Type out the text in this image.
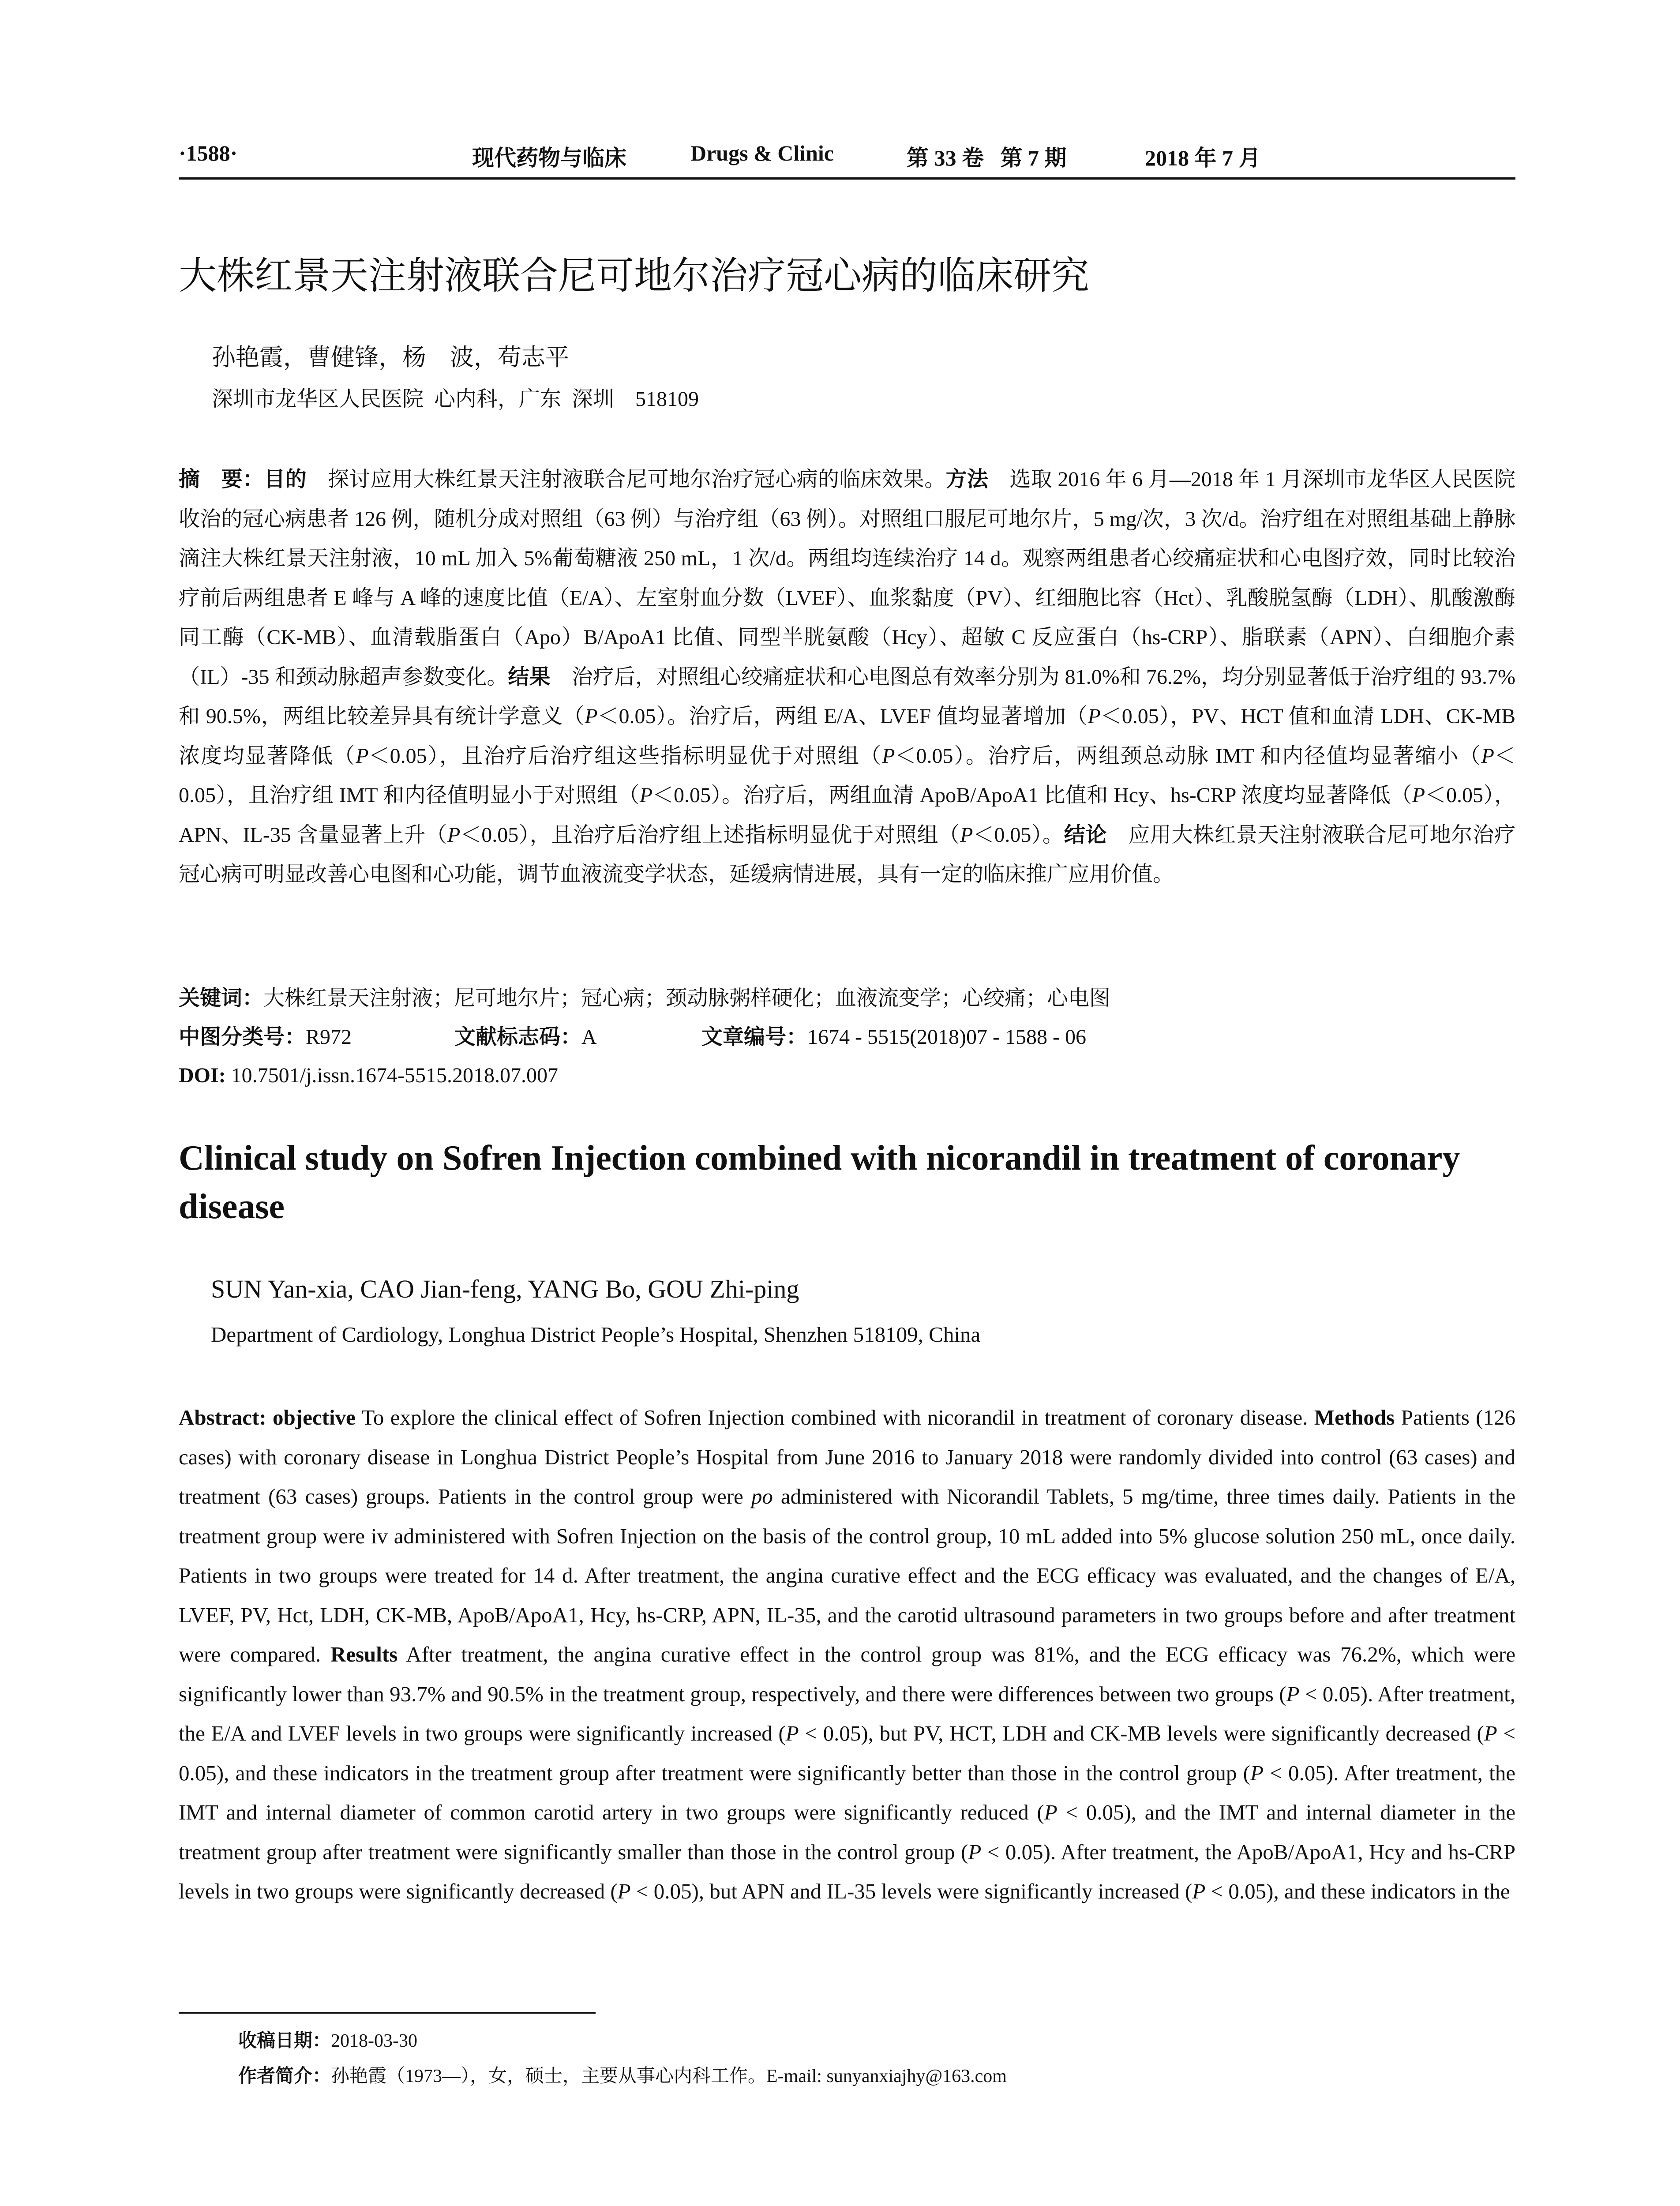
·1588·	现代药物与临床	Drugs & Clinic	第 33 卷   第 7 期	2018 年 7 月
大株红景天注射液联合尼可地尔治疗冠心病的临床研究
孙艳霞，曹健锋，杨　波，苟志平
深圳市龙华区人民医院  心内科，广东  深圳    518109
摘　要：目的　探讨应用大株红景天注射液联合尼可地尔治疗冠心病的临床效果。方法　选取 2016 年 6 月—2018 年 1 月深圳市龙华区人民医院收治的冠心病患者 126 例，随机分成对照组（63 例）与治疗组（63 例）。对照组口服尼可地尔片，5 mg/次，3 次/d。治疗组在对照组基础上静脉滴注大株红景天注射液，10 mL 加入 5%葡萄糖液 250 mL，1 次/d。两组均连续治疗 14 d。观察两组患者心绞痛症状和心电图疗效，同时比较治疗前后两组患者 E 峰与 A 峰的速度比值（E/A）、左室射血分数（LVEF）、血浆黏度（PV）、红细胞比容（Hct）、乳酸脱氢酶（LDH）、肌酸激酶同工酶（CK-MB）、血清载脂蛋白（Apo）B/ApoA1 比值、同型半胱氨酸（Hcy）、超敏 C 反应蛋白（hs-CRP）、脂联素（APN）、白细胞介素（IL）-35 和颈动脉超声参数变化。结果　治疗后，对照组心绞痛症状和心电图总有效率分别为 81.0%和 76.2%，均分别显著低于治疗组的 93.7%和 90.5%，两组比较差异具有统计学意义（P＜0.05）。治疗后，两组 E/A、LVEF 值均显著增加（P＜0.05），PV、HCT 值和血清 LDH、CK-MB 浓度均显著降低（P＜0.05），且治疗后治疗组这些指标明显优于对照组（P＜0.05）。治疗后，两组颈总动脉 IMT 和内径值均显著缩小（P＜0.05），且治疗组 IMT 和内径值明显小于对照组（P＜0.05）。治疗后，两组血清 ApoB/ApoA1 比值和 Hcy、hs-CRP 浓度均显著降低（P＜0.05），APN、IL-35 含量显著上升（P＜0.05），且治疗后治疗组上述指标明显优于对照组（P＜0.05）。结论　应用大株红景天注射液联合尼可地尔治疗冠心病可明显改善心电图和心功能，调节血液流变学状态，延缓病情进展，具有一定的临床推广应用价值。
关键词：大株红景天注射液；尼可地尔片；冠心病；颈动脉粥样硬化；血液流变学；心绞痛；心电图
中图分类号：R972	文献标志码：A	文章编号：1674 - 5515(2018)07 - 1588 - 06
DOI: 10.7501/j.issn.1674-5515.2018.07.007
Clinical study on Sofren Injection combined with nicorandil in treatment of coronary disease
SUN Yan-xia, CAO Jian-feng, YANG Bo, GOU Zhi-ping
Department of Cardiology, Longhua District People’s Hospital, Shenzhen 518109, China
Abstract: objective To explore the clinical effect of Sofren Injection combined with nicorandil in treatment of coronary disease. Methods Patients (126 cases) with coronary disease in Longhua District People’s Hospital from June 2016 to January 2018 were randomly divided into control (63 cases) and treatment (63 cases) groups. Patients in the control group were po administered with Nicorandil Tablets, 5 mg/time, three times daily. Patients in the treatment group were iv administered with Sofren Injection on the basis of the control group, 10 mL added into 5% glucose solution 250 mL, once daily. Patients in two groups were treated for 14 d. After treatment, the angina curative effect and the ECG efficacy was evaluated, and the changes of E/A, LVEF, PV, Hct, LDH, CK-MB, ApoB/ApoA1, Hcy, hs-CRP, APN, IL-35, and the carotid ultrasound parameters in two groups before and after treatment were compared. Results After treatment, the angina curative effect in the control group was 81%, and the ECG efficacy was 76.2%, which were significantly lower than 93.7% and 90.5% in the treatment group, respectively, and there were differences between two groups (P < 0.05). After treatment, the E/A and LVEF levels in two groups were significantly increased (P < 0.05), but PV, HCT, LDH and CK-MB levels were significantly decreased (P < 0.05), and these indicators in the treatment group after treatment were significantly better than those in the control group (P < 0.05). After treatment, the IMT and internal diameter of common carotid artery in two groups were significantly reduced (P < 0.05), and the IMT and internal diameter in the treatment group after treatment were significantly smaller than those in the control group (P < 0.05). After treatment, the ApoB/ApoA1, Hcy and hs-CRP levels in two groups were significantly decreased (P < 0.05), but APN and IL-35 levels were significantly increased (P < 0.05), and these indicators in the
收稿日期：2018-03-30
作者简介：孙艳霞（1973—），女，硕士，主要从事心内科工作。E-mail: sunyanxiajhy@163.com
